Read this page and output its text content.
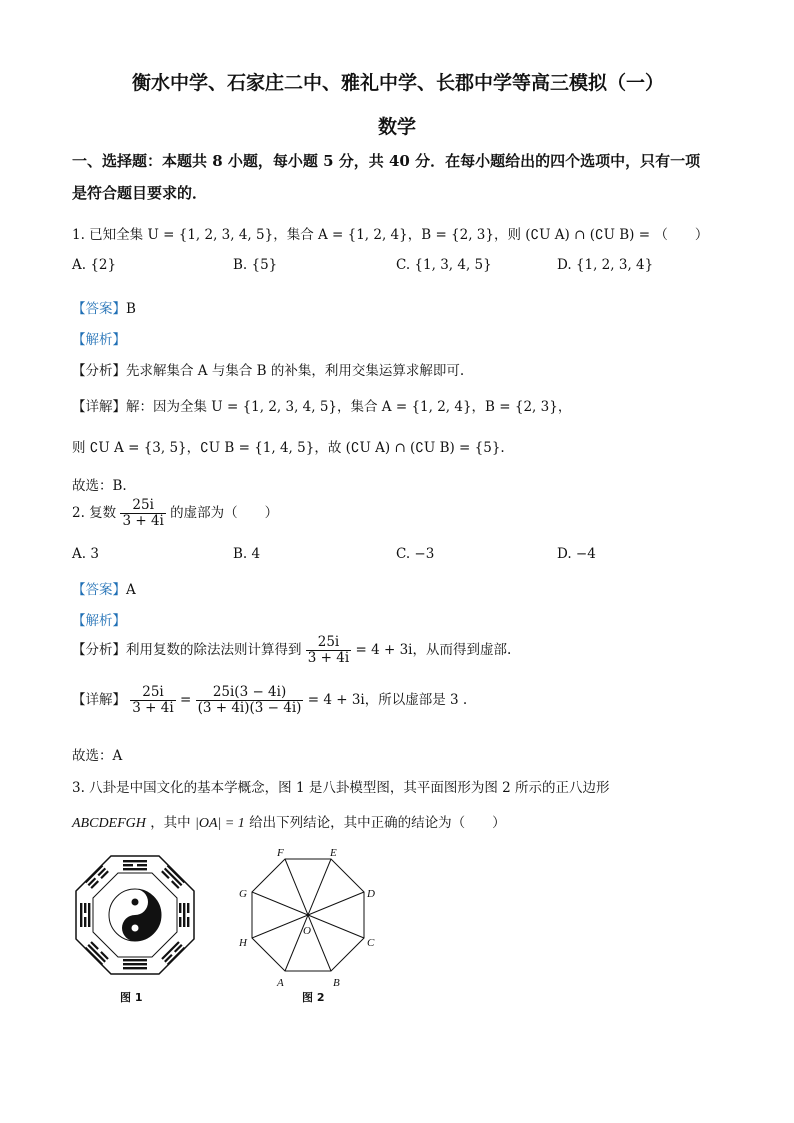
衡水中学、石家庄二中、雅礼中学、长郡中学等高三模拟（一）
数学
一、选择题：本题共 8 小题，每小题 5 分，共 40 分．在每小题给出的四个选项中，只有一项
是符合题目要求的．
1. 已知全集 U = {1, 2, 3, 4, 5}，集合 A = {1, 2, 4}，B = {2, 3}，则 (∁U A) ∩ (∁U B) = （　　）
A. {2}	B. {5}	C. {1, 3, 4, 5}	D. {1, 2, 3, 4}
【答案】B
【解析】
【分析】先求解集合 A 与集合 B 的补集，利用交集运算求解即可.
【详解】解：因为全集 U = {1, 2, 3, 4, 5}，集合 A = {1, 2, 4}，B = {2, 3}，
则 ∁U A = {3, 5}，∁U B = {1, 4, 5}，故 (∁U A) ∩ (∁U B) = {5}.
故选：B.
2. 复数 $\frac{25i}{3 + 4i}$ 的虚部为（　　）
A. 3	B. 4	C. −3	D. −4
【答案】A
【解析】
【分析】利用复数的除法法则计算得到 $\frac{25i}{3 + 4i} = 4 + 3i$，从而得到虚部.
【详解】 $\frac{25i}{3 + 4i} = \frac{25i(3 - 4i)}{(3 + 4i)(3 - 4i)} = 4 + 3i$，所以虚部是 3 .
故选：A
3. 八卦是中国文化的基本学概念，图 1 是八卦模型图，其平面图形为图 2 所示的正八边形
ABCDEFGH ，其中 |OA| = 1 给出下列结论，其中正确的结论为（　　）
图 1
A	B
C
D
E
F
G
H
O
图 2
